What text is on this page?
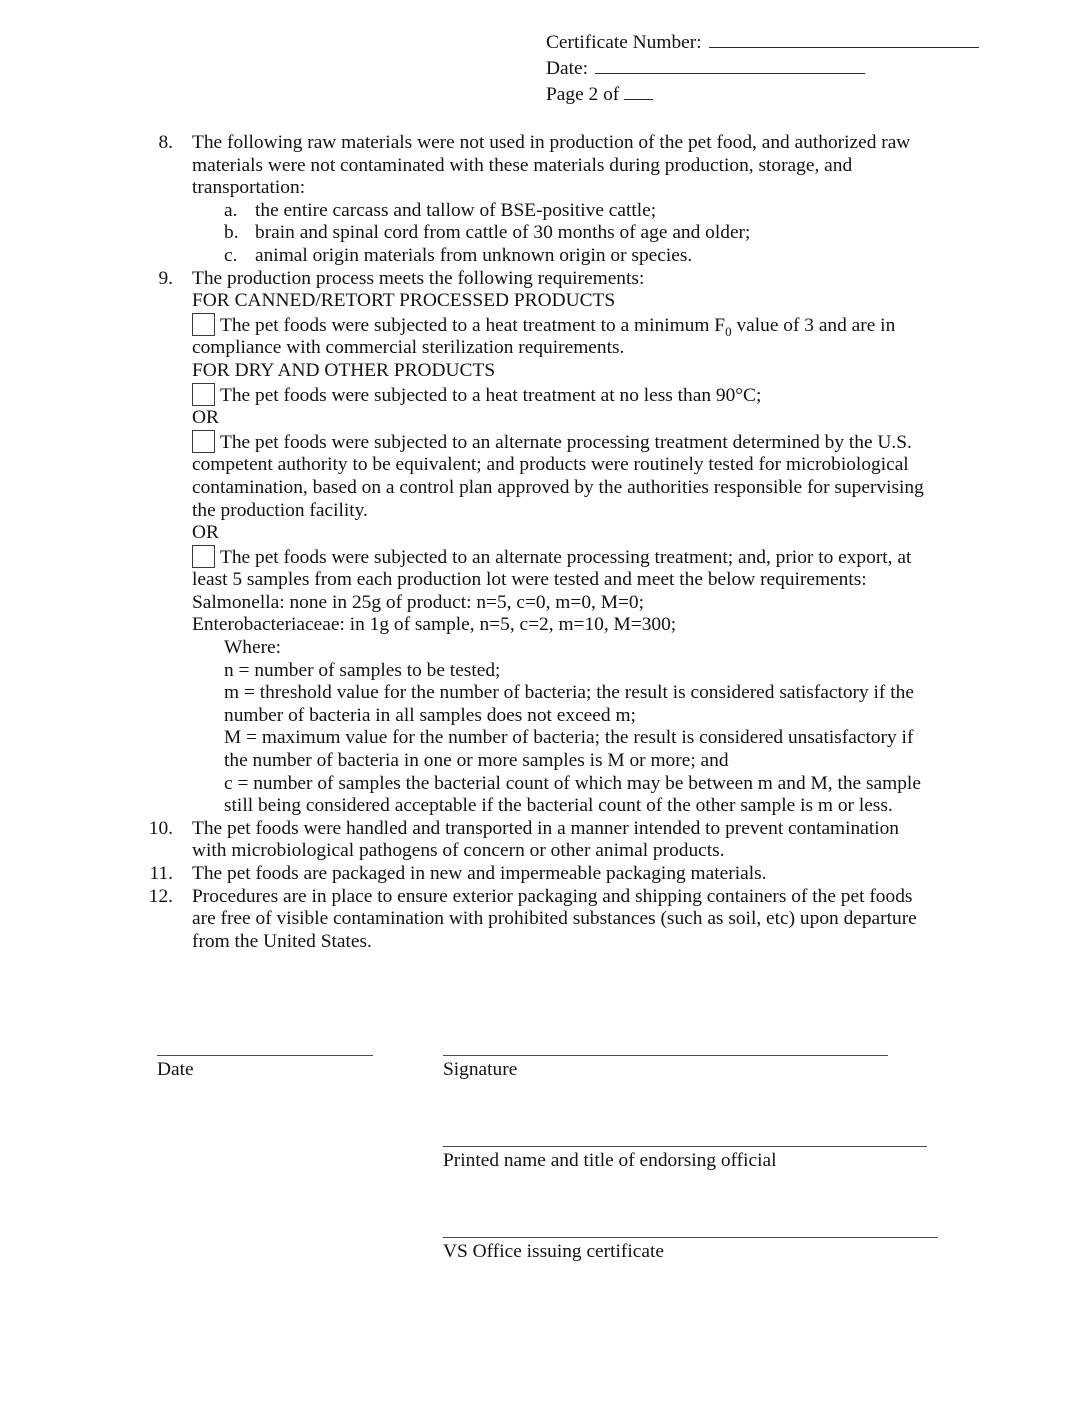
Certificate Number:
Date:
Page 2 of
8. The following raw materials were not used in production of the pet food, and authorized raw materials were not contaminated with these materials during production, storage, and transportation:
a. the entire carcass and tallow of BSE-positive cattle;
b. brain and spinal cord from cattle of 30 months of age and older;
c. animal origin materials from unknown origin or species.
9. The production process meets the following requirements:
FOR CANNED/RETORT PROCESSED PRODUCTS
The pet foods were subjected to a heat treatment to a minimum $F_0$ value of 3 and are in compliance with commercial sterilization requirements.
FOR DRY AND OTHER PRODUCTS
The pet foods were subjected to a heat treatment at no less than 90°C;
OR
The pet foods were subjected to an alternate processing treatment determined by the U.S. competent authority to be equivalent; and products were routinely tested for microbiological contamination, based on a control plan approved by the authorities responsible for supervising the production facility.
OR
The pet foods were subjected to an alternate processing treatment; and, prior to export, at least 5 samples from each production lot were tested and meet the below requirements:
Salmonella: none in 25g of product: n=5, c=0, m=0, M=0;
Enterobacteriaceae: in 1g of sample, n=5, c=2, m=10, M=300;
Where:
n = number of samples to be tested;
m = threshold value for the number of bacteria; the result is considered satisfactory if the number of bacteria in all samples does not exceed m;
M = maximum value for the number of bacteria; the result is considered unsatisfactory if the number of bacteria in one or more samples is M or more; and
c = number of samples the bacterial count of which may be between m and M, the sample still being considered acceptable if the bacterial count of the other sample is m or less.
10. The pet foods were handled and transported in a manner intended to prevent contamination with microbiological pathogens of concern or other animal products.
11. The pet foods are packaged in new and impermeable packaging materials.
12. Procedures are in place to ensure exterior packaging and shipping containers of the pet foods are free of visible contamination with prohibited substances (such as soil, etc) upon departure from the United States.
Date	Signature
Printed name and title of endorsing official
VS Office issuing certificate
